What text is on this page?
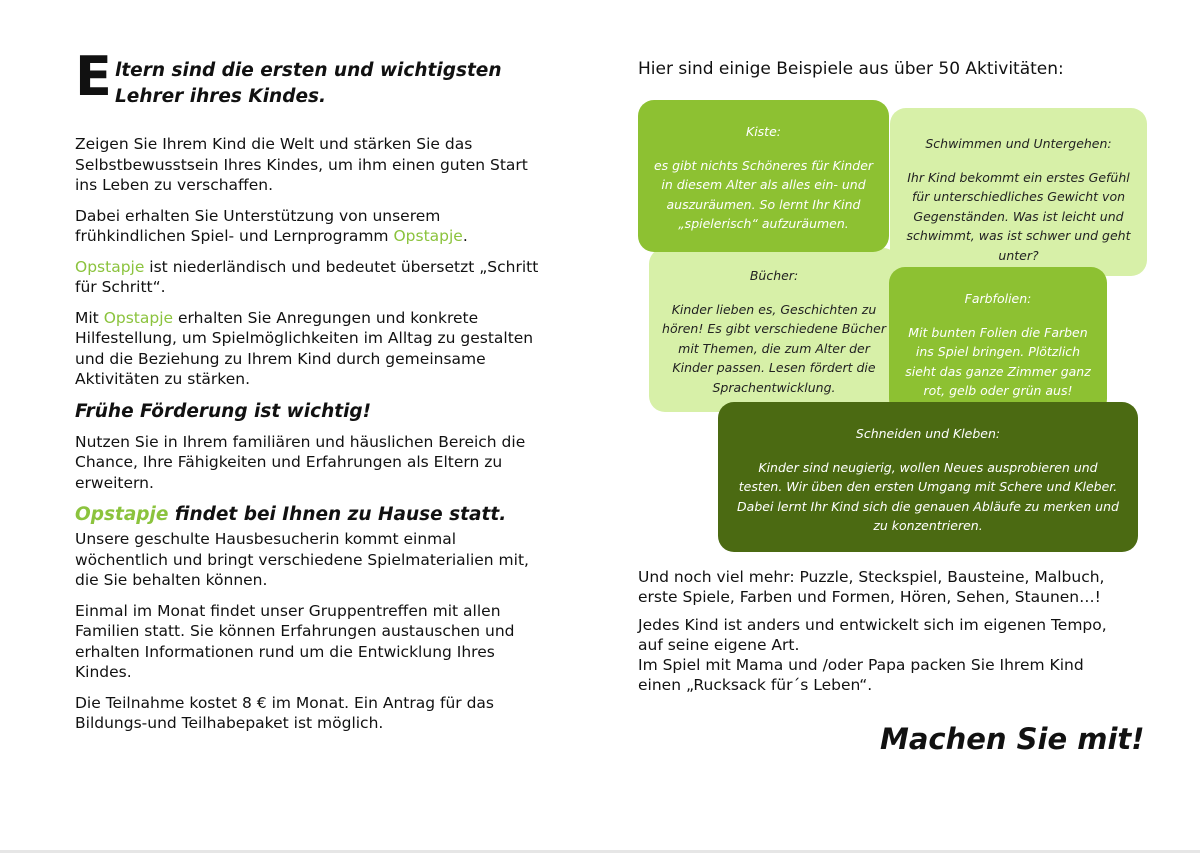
E ltern sind die ersten und wichtigsten
Lehrer ihres Kindes.

Zeigen Sie Ihrem Kind die Welt und stärken Sie das Selbstbewusstsein Ihres Kindes, um ihm einen guten Start ins Leben zu verschaffen.

Dabei erhalten Sie Unterstützung von unserem frühkindlichen Spiel- und Lernprogramm Opstapje.

Opstapje ist niederländisch und bedeutet übersetzt „Schritt für Schritt“.

Mit Opstapje erhalten Sie Anregungen und konkrete Hilfestellung, um Spielmöglichkeiten im Alltag zu gestalten und die Beziehung zu Ihrem Kind durch gemeinsame Aktivitäten zu stärken.

Frühe Förderung ist wichtig!

Nutzen Sie in Ihrem familiären und häuslichen Bereich die Chance, Ihre Fähigkeiten und Erfahrungen als Eltern zu erweitern.

Opstapje findet bei Ihnen zu Hause statt.

Unsere geschulte Hausbesucherin kommt einmal wöchentlich und bringt verschiedene Spielmaterialien mit, die Sie behalten können.

Einmal im Monat findet unser Gruppentreffen mit allen Familien statt. Sie können Erfahrungen austauschen und erhalten Informationen rund um die Entwicklung Ihres Kindes.

Die Teilnahme kostet 8 € im Monat. Ein Antrag für das Bildungs-und Teilhabepaket ist möglich.

Hier sind einige Beispiele aus über 50 Aktivitäten:

Schwimmen und Untergehen:
Ihr Kind bekommt ein erstes Gefühl für unterschiedliches Gewicht von Gegenständen. Was ist leicht und schwimmt, was ist schwer und geht unter?
Bücher:
Kinder lieben es, Geschichten zu hören! Es gibt verschiedene Bücher mit Themen, die zum Alter der Kinder passen. Lesen fördert die Sprachentwicklung.
Kiste:
es gibt nichts Schöneres für Kinder in diesem Alter als alles ein- und auszuräumen. So lernt Ihr Kind „spielerisch“ aufzuräumen.
Farbfolien:
Mit bunten Folien die Farben ins Spiel bringen. Plötzlich sieht das ganze Zimmer ganz rot, gelb oder grün aus!
Schneiden und Kleben:
Kinder sind neugierig, wollen Neues ausprobieren und testen. Wir üben den ersten Umgang mit Schere und Kleber. Dabei lernt Ihr Kind sich die genauen Abläufe zu merken und zu konzentrieren.

Und noch viel mehr: Puzzle, Steckspiel, Bausteine, Malbuch, erste Spiele, Farben und Formen, Hören, Sehen, Staunen…!

Jedes Kind ist anders und entwickelt sich im eigenen Tempo, auf seine eigene Art.
Im Spiel mit Mama und /oder Papa packen Sie Ihrem Kind einen „Rucksack für´s Leben“.

Machen Sie mit!
